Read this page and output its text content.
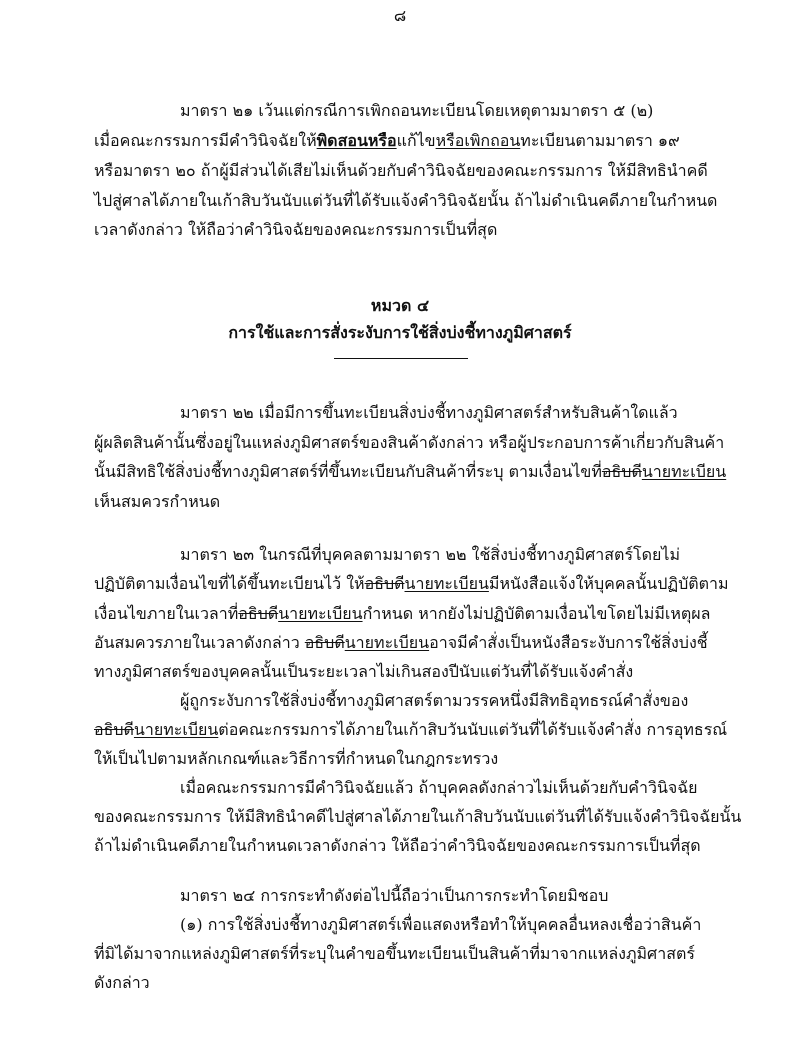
๘
มาตรา ๒๑ เว้นแต่กรณีการเพิกถอนทะเบียนโดยเหตุตามมาตรา ๕ (๒)
เมื่อคณะกรรมการมีคำวินิจฉัยให้พิดสอนหรือแก้ไขหรือเพิกถอนทะเบียนตามมาตรา ๑๙
หรือมาตรา ๒๐ ถ้าผู้มีส่วนได้เสียไม่เห็นด้วยกับคำวินิจฉัยของคณะกรรมการ ให้มีสิทธินำคดี
ไปสู่ศาลได้ภายในเก้าสิบวันนับแต่วันที่ได้รับแจ้งคำวินิจฉัยนั้น ถ้าไม่ดำเนินคดีภายในกำหนด
เวลาดังกล่าว ให้ถือว่าคำวินิจฉัยของคณะกรรมการเป็นที่สุด
หมวด ๔
การใช้และการสั่งระงับการใช้สิ่งบ่งชี้ทางภูมิศาสตร์
มาตรา ๒๒ เมื่อมีการขึ้นทะเบียนสิ่งบ่งชี้ทางภูมิศาสตร์สำหรับสินค้าใดแล้ว
ผู้ผลิตสินค้านั้นซึ่งอยู่ในแหล่งภูมิศาสตร์ของสินค้าดังกล่าว หรือผู้ประกอบการค้าเกี่ยวกับสินค้า
นั้นมีสิทธิใช้สิ่งบ่งชี้ทางภูมิศาสตร์ที่ขึ้นทะเบียนกับสินค้าที่ระบุ ตามเงื่อนไขที่อธิบดีนายทะเบียน
เห็นสมควรกำหนด
มาตรา ๒๓ ในกรณีที่บุคคลตามมาตรา ๒๒ ใช้สิ่งบ่งชี้ทางภูมิศาสตร์โดยไม่
ปฏิบัติตามเงื่อนไขที่ได้ขึ้นทะเบียนไว้ ให้อธิบดีนายทะเบียนมีหนังสือแจ้งให้บุคคลนั้นปฏิบัติตาม
เงื่อนไขภายในเวลาที่อธิบดีนายทะเบียนกำหนด หากยังไม่ปฏิบัติตามเงื่อนไขโดยไม่มีเหตุผล
อันสมควรภายในเวลาดังกล่าว อธิบดีนายทะเบียนอาจมีคำสั่งเป็นหนังสือระงับการใช้สิ่งบ่งชี้
ทางภูมิศาสตร์ของบุคคลนั้นเป็นระยะเวลาไม่เกินสองปีนับแต่วันที่ได้รับแจ้งคำสั่ง
ผู้ถูกระงับการใช้สิ่งบ่งชี้ทางภูมิศาสตร์ตามวรรคหนึ่งมีสิทธิอุทธรณ์คำสั่งของ
อธิบดีนายทะเบียนต่อคณะกรรมการได้ภายในเก้าสิบวันนับแต่วันที่ได้รับแจ้งคำสั่ง การอุทธรณ์
ให้เป็นไปตามหลักเกณฑ์และวิธีการที่กำหนดในกฎกระทรวง
เมื่อคณะกรรมการมีคำวินิจฉัยแล้ว ถ้าบุคคลดังกล่าวไม่เห็นด้วยกับคำวินิจฉัย
ของคณะกรรมการ ให้มีสิทธินำคดีไปสู่ศาลได้ภายในเก้าสิบวันนับแต่วันที่ได้รับแจ้งคำวินิจฉัยนั้น
ถ้าไม่ดำเนินคดีภายในกำหนดเวลาดังกล่าว ให้ถือว่าคำวินิจฉัยของคณะกรรมการเป็นที่สุด
มาตรา ๒๔ การกระทำดังต่อไปนี้ถือว่าเป็นการกระทำโดยมิชอบ
(๑) การใช้สิ่งบ่งชี้ทางภูมิศาสตร์เพื่อแสดงหรือทำให้บุคคลอื่นหลงเชื่อว่าสินค้า
ที่มิได้มาจากแหล่งภูมิศาสตร์ที่ระบุในคำขอขึ้นทะเบียนเป็นสินค้าที่มาจากแหล่งภูมิศาสตร์
ดังกล่าว
